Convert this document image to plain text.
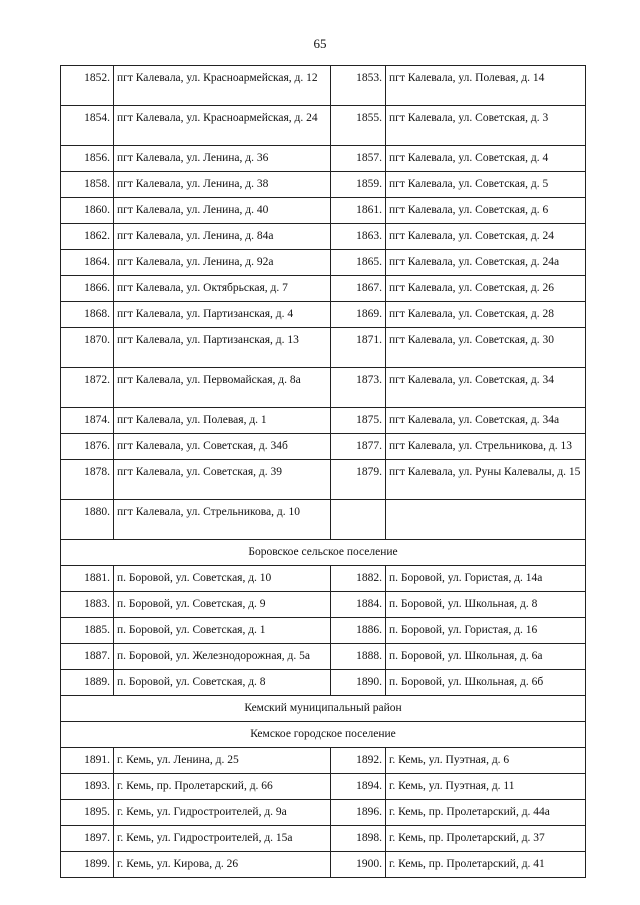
65
1852.	пгт Калевала, ул. Красноармейская, д. 12	1853.	пгт Калевала, ул. Полевая, д. 14
1854.	пгт Калевала, ул. Красноармейская, д. 24	1855.	пгт Калевала, ул. Советская, д. 3
1856.	пгт Калевала, ул. Ленина, д. 36	1857.	пгт Калевала, ул. Советская, д. 4
1858.	пгт Калевала, ул. Ленина, д. 38	1859.	пгт Калевала, ул. Советская, д. 5
1860.	пгт Калевала, ул. Ленина, д. 40	1861.	пгт Калевала, ул. Советская, д. 6
1862.	пгт Калевала, ул. Ленина, д. 84а	1863.	пгт Калевала, ул. Советская, д. 24
1864.	пгт Калевала, ул. Ленина, д. 92а	1865.	пгт Калевала, ул. Советская, д. 24а
1866.	пгт Калевала, ул. Октябрьская, д. 7	1867.	пгт Калевала, ул. Советская, д. 26
1868.	пгт Калевала, ул. Партизанская, д. 4	1869.	пгт Калевала, ул. Советская, д. 28
1870.	пгт Калевала, ул. Партизанская, д. 13	1871.	пгт Калевала, ул. Советская, д. 30
1872.	пгт Калевала, ул. Первомайская, д. 8а	1873.	пгт Калевала, ул. Советская, д. 34
1874.	пгт Калевала, ул. Полевая, д. 1	1875.	пгт Калевала, ул. Советская, д. 34а
1876.	пгт Калевала, ул. Советская, д. 34б	1877.	пгт Калевала, ул. Стрельникова, д. 13
1878.	пгт Калевала, ул. Советская, д. 39	1879.	пгт Калевала, ул. Руны Калевалы, д. 15
1880.	пгт Калевала, ул. Стрельникова, д. 10		
Боровское сельское поселение			
1881.	п. Боровой, ул. Советская, д. 10	1882.	п. Боровой, ул. Гористая, д. 14а
1883.	п. Боровой, ул. Советская, д. 9	1884.	п. Боровой, ул. Школьная, д. 8
1885.	п. Боровой, ул. Советская, д. 1	1886.	п. Боровой, ул. Гористая, д. 16
1887.	п. Боровой, ул. Железнодорожная, д. 5а	1888.	п. Боровой, ул. Школьная, д. 6а
1889.	п. Боровой, ул. Советская, д. 8	1890.	п. Боровой, ул. Школьная, д. 6б
Кемский муниципальный район			
Кемское городское поселение			
1891.	г. Кемь, ул. Ленина, д. 25	1892.	г. Кемь, ул. Пуэтная, д. 6
1893.	г. Кемь, пр. Пролетарский, д. 66	1894.	г. Кемь, ул. Пуэтная, д. 11
1895.	г. Кемь, ул. Гидростроителей, д. 9а	1896.	г. Кемь, пр. Пролетарский, д. 44а
1897.	г. Кемь, ул. Гидростроителей, д. 15а	1898.	г. Кемь, пр. Пролетарский, д. 37
1899.	г. Кемь, ул. Кирова, д. 26	1900.	г. Кемь, пр. Пролетарский, д. 41
